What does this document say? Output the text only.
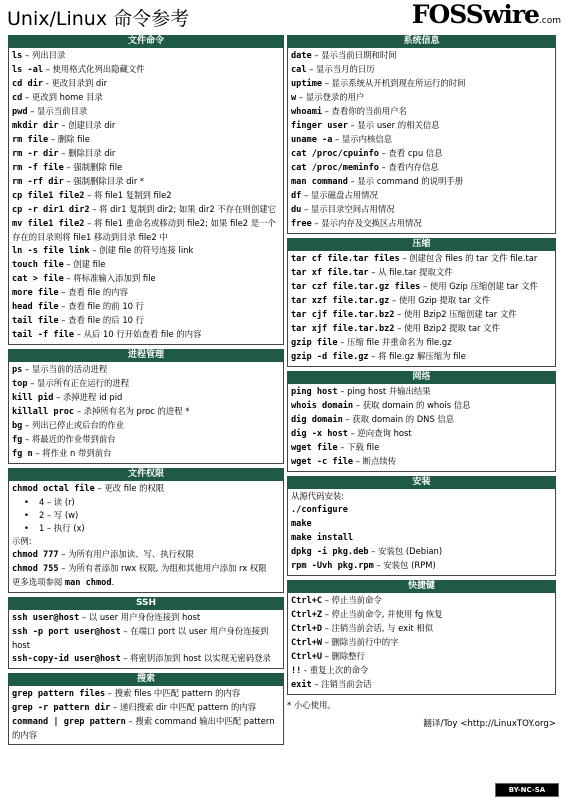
Unix/Linux 命令参考	FOSSwire.com
文件命令
ls – 列出目录
ls -al – 使用格式化列出隐藏文件
cd dir - 更改目录到 dir
cd – 更改到 home 目录
pwd – 显示当前目录
mkdir dir – 创建目录 dir
rm file – 删除 file
rm -r dir – 删除目录 dir
rm -f file – 强制删除 file
rm -rf dir – 强制删除目录 dir *
cp file1 file2 – 将 file1 复制到 file2
cp -r dir1 dir2 – 将 dir1 复制到 dir2; 如果 dir2 不存在则创建它
mv file1 file2 – 将 file1 重命名或移动到 file2; 如果 file2 是一个存在的目录则将 file1 移动到目录 file2 中
ln -s file link – 创建 file 的符号连接 link
touch file – 创建 file
cat > file – 将标准输入添加到 file
more file – 查看 file 的内容
head file – 查看 file 的前 10 行
tail file – 查看 file 的后 10 行
tail -f file – 从后 10 行开始查看 file 的内容
进程管理
ps – 显示当前的活动进程
top – 显示所有正在运行的进程
kill pid – 杀掉进程 id pid
killall proc – 杀掉所有名为 proc 的进程 *
bg – 列出已停止或后台的作业
fg – 将最近的作业带到前台
fg n – 将作业 n 带到前台
文件权限
chmod octal file – 更改 file 的权限
• 4 – 读 (r)
• 2 – 写 (w)
• 1 – 执行 (x)
示例:
chmod 777 – 为所有用户添加读、写、执行权限
chmod 755 – 为所有者添加 rwx 权限, 为组和其他用户添加 rx 权限
更多选项参阅 man chmod.
SSH
ssh user@host – 以 user 用户身份连接到 host
ssh -p port user@host – 在端口 port 以 user 用户身份连接到 host
ssh-copy-id user@host – 将密钥添加到 host 以实现无密码登录
搜索
grep pattern files – 搜索 files 中匹配 pattern 的内容
grep -r pattern dir – 递归搜索 dir 中匹配 pattern 的内容
command | grep pattern – 搜索 command 输出中匹配 pattern 的内容
系统信息
date – 显示当前日期和时间
cal – 显示当月的日历
uptime – 显示系统从开机到现在所运行的时间
w – 显示登录的用户
whoami – 查看你的当前用户名
finger user – 显示 user 的相关信息
uname -a – 显示内核信息
cat /proc/cpuinfo – 查看 cpu 信息
cat /proc/meminfo – 查看内存信息
man command – 显示 command 的说明手册
df – 显示磁盘占用情况
du – 显示目录空间占用情况
free – 显示内存及交换区占用情况
压缩
tar cf file.tar files – 创建包含 files 的 tar 文件 file.tar
tar xf file.tar – 从 file.tar 提取文件
tar czf file.tar.gz files – 使用 Gzip 压缩创建 tar 文件
tar xzf file.tar.gz – 使用 Gzip 提取 tar 文件
tar cjf file.tar.bz2 – 使用 Bzip2 压缩创建 tar 文件
tar xjf file.tar.bz2 – 使用 Bzip2 提取 tar 文件
gzip file – 压缩 file 并重命名为 file.gz
gzip -d file.gz – 将 file.gz 解压缩为 file
网络
ping host – ping host 并输出结果
whois domain – 获取 domain 的 whois 信息
dig domain – 获取 domain 的 DNS 信息
dig -x host – 逆向查询 host
wget file – 下载 file
wget -c file – 断点续传
安装
从源代码安装:
./configure
make
make install
dpkg -i pkg.deb – 安装包 (Debian)
rpm -Uvh pkg.rpm – 安装包 (RPM)
快捷键
Ctrl+C – 停止当前命令
Ctrl+Z – 停止当前命令, 并使用 fg 恢复
Ctrl+D – 注销当前会话, 与 exit 相似
Ctrl+W – 删除当前行中的字
Ctrl+U – 删除整行
!! - 重复上次的命令
exit – 注销当前会话
* 小心使用。
翻译/Toy <http://LinuxTOY.org>
BY-NC-SA
